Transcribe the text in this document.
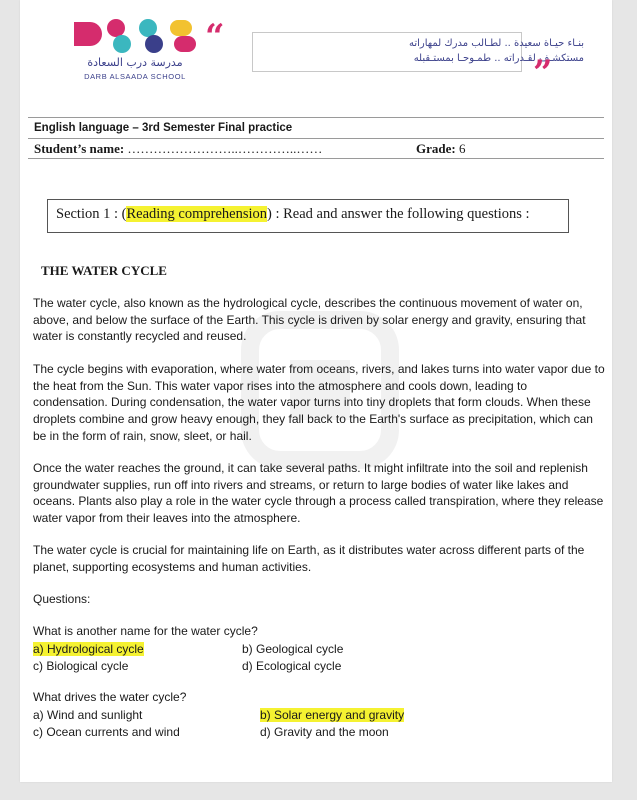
مدرسة درب السعادة
DARB ALSAADA SCHOOL
“	بنـاء حيـاة سعيدة .. لطـالب مدرك لمهاراته
مستكشـف لقـدراته .. طمـوحـا بمستـقبله
”
English language – 3rd Semester Final practice
Student’s name: ……………………..…………..……	Grade: 6
Section 1 : (Reading comprehension) : Read and answer the following questions :
THE WATER CYCLE
The water cycle, also known as the hydrological cycle, describes the continuous movement of water on, above, and below the surface of the Earth. This cycle is driven by solar energy and gravity, ensuring that water is constantly recycled and reused.
The cycle begins with evaporation, where water from oceans, rivers, and lakes turns into water vapor due to the heat from the Sun. This water vapor rises into the atmosphere and cools down, leading to condensation. During condensation, the water vapor turns into tiny droplets that form clouds. When these droplets combine and grow heavy enough, they fall back to the Earth's surface as precipitation, which can be in the form of rain, snow, sleet, or hail.
Once the water reaches the ground, it can take several paths. It might infiltrate into the soil and replenish groundwater supplies, run off into rivers and streams, or return to large bodies of water like lakes and oceans. Plants also play a role in the water cycle through a process called transpiration, where they release water vapor from their leaves into the atmosphere.
The water cycle is crucial for maintaining life on Earth, as it distributes water across different parts of the planet, supporting ecosystems and human activities.
Questions:
What is another name for the water cycle?
a) Hydrological cycle	b) Geological cycle
c) Biological cycle	d) Ecological cycle
What drives the water cycle?
a) Wind and sunlight	b) Solar energy and gravity
c) Ocean currents and wind	d) Gravity and the moon
